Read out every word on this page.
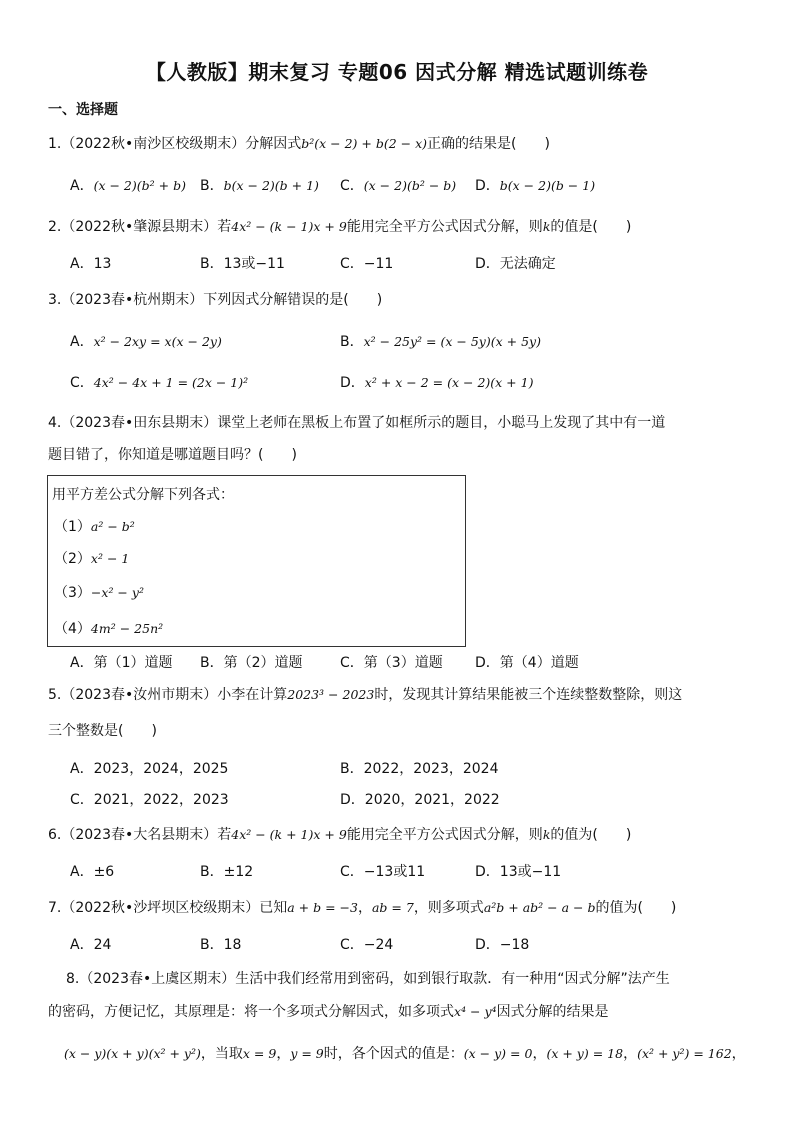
【人教版】期末复习 专题06 因式分解 精选试题训练卷
一、选择题
1.（2022秋•南沙区校级期末）分解因式b²(x − 2) + b(2 − x)正确的结果是(　　)
A．(x − 2)(b² + b) B．b(x − 2)(b + 1) C．(x − 2)(b² − b) D．b(x − 2)(b − 1)
2.（2022秋•肇源县期末）若4x² − (k − 1)x + 9能用完全平方公式因式分解，则k的值是(　　)
A．13	B．13或−11	C．−11	D．无法确定
3.（2023春•杭州期末）下列因式分解错误的是(　　)
A．x² − 2xy = x(x − 2y)	B．x² − 25y² = (x − 5y)(x + 5y)
C．4x² − 4x + 1 = (2x − 1)²	D．x² + x − 2 = (x − 2)(x + 1)
4.（2023春•田东县期末）课堂上老师在黑板上布置了如框所示的题目，小聪马上发现了其中有一道
题目错了，你知道是哪道题目吗？(　　)
用平方差公式分解下列各式：
（1）a² − b²
（2）x² − 1
（3）−x² − y²
（4）4m² − 25n²
A．第（1）道题 B．第（2）道题	C．第（3）道题 D．第（4）道题
5.（2023春•汝州市期末）小李在计算2023³ − 2023时，发现其计算结果能被三个连续整数整除，则这
三个整数是(　　)
A．2023，2024，2025	B．2022，2023，2024
C．2021，2022，2023	D．2020，2021，2022
6.（2023春•大名县期末）若4x² − (k + 1)x + 9能用完全平方公式因式分解，则k的值为(　　)
A．±6	B．±12	C．−13或11	D．13或−11
7.（2022秋•沙坪坝区校级期末）已知a + b = −3，ab = 7，则多项式a²b + ab² − a − b的值为(　　)
A．24	B．18	C．−24	D．−18
8.（2023春•上虞区期末）生活中我们经常用到密码，如到银行取款．有一种用“因式分解”法产生
的密码，方便记忆，其原理是：将一个多项式分解因式，如多项式x⁴ − y⁴因式分解的结果是
(x − y)(x + y)(x² + y²)，当取x = 9，y = 9时，各个因式的值是：(x − y) = 0，(x + y) = 18，(x² + y²) = 162，
